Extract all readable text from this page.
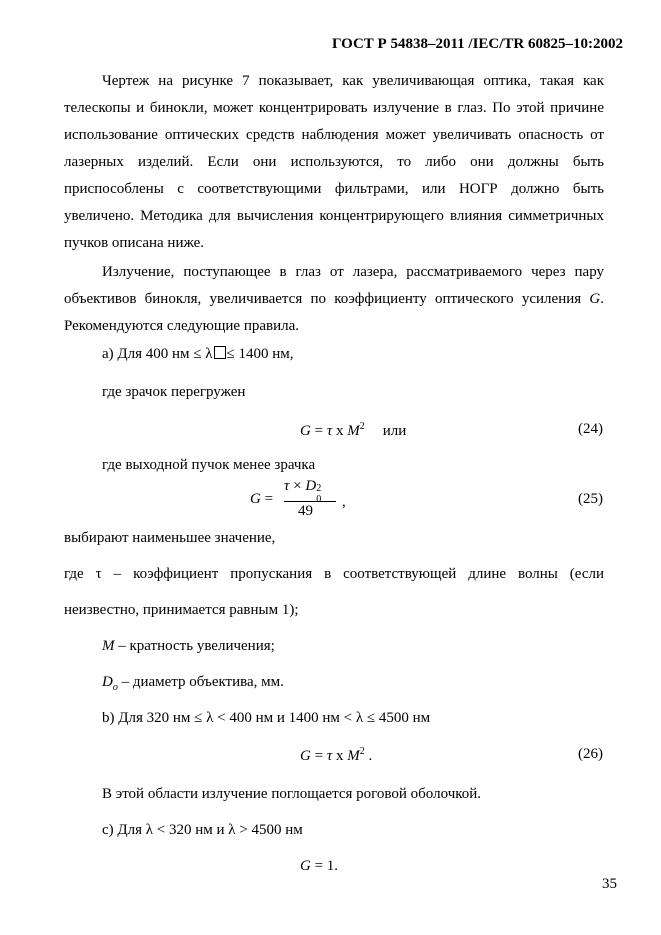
ГОСТ Р 54838–2011 /IEC/TR 60825–10:2002
Чертеж на рисунке 7 показывает, как увеличивающая оптика, такая как телескопы и бинокли, может концентрировать излучение в глаз. По этой причине использование оптических средств наблюдения может увеличивать опасность от лазерных изделий. Если они используются, то либо они должны быть приспособлены с соответствующими фильтрами, или НОГР должно быть увеличено. Методика для вычисления концентрирующего влияния симметричных пучков описана ниже.
Излучение, поступающее в глаз от лазера, рассматриваемого через пару объективов бинокля, увеличивается по коэффициенту оптического усиления G. Рекомендуются следующие правила.
а) Для 400 нм ≤ λ ≤ 1400 нм,
где зрачок перегружен
G = τ x $M^2$ или	(24)
где выходной пучок менее зрачка
G =
τ × D 2
0
49
,	(25)
выбирают наименьшее значение,
где τ – коэффициент пропускания в соответствующей длине волны (если
неизвестно, принимается равным 1);
M – кратность увеличения;
$D_o$ – диаметр объектива, мм.
b) Для 320 нм ≤ λ < 400 нм и 1400 нм < λ ≤ 4500 нм
G = τ x $M^2$ .	(26)
В этой области излучение поглощается роговой оболочкой.
c) Для λ < 320 нм и λ > 4500 нм
G = 1.
35
